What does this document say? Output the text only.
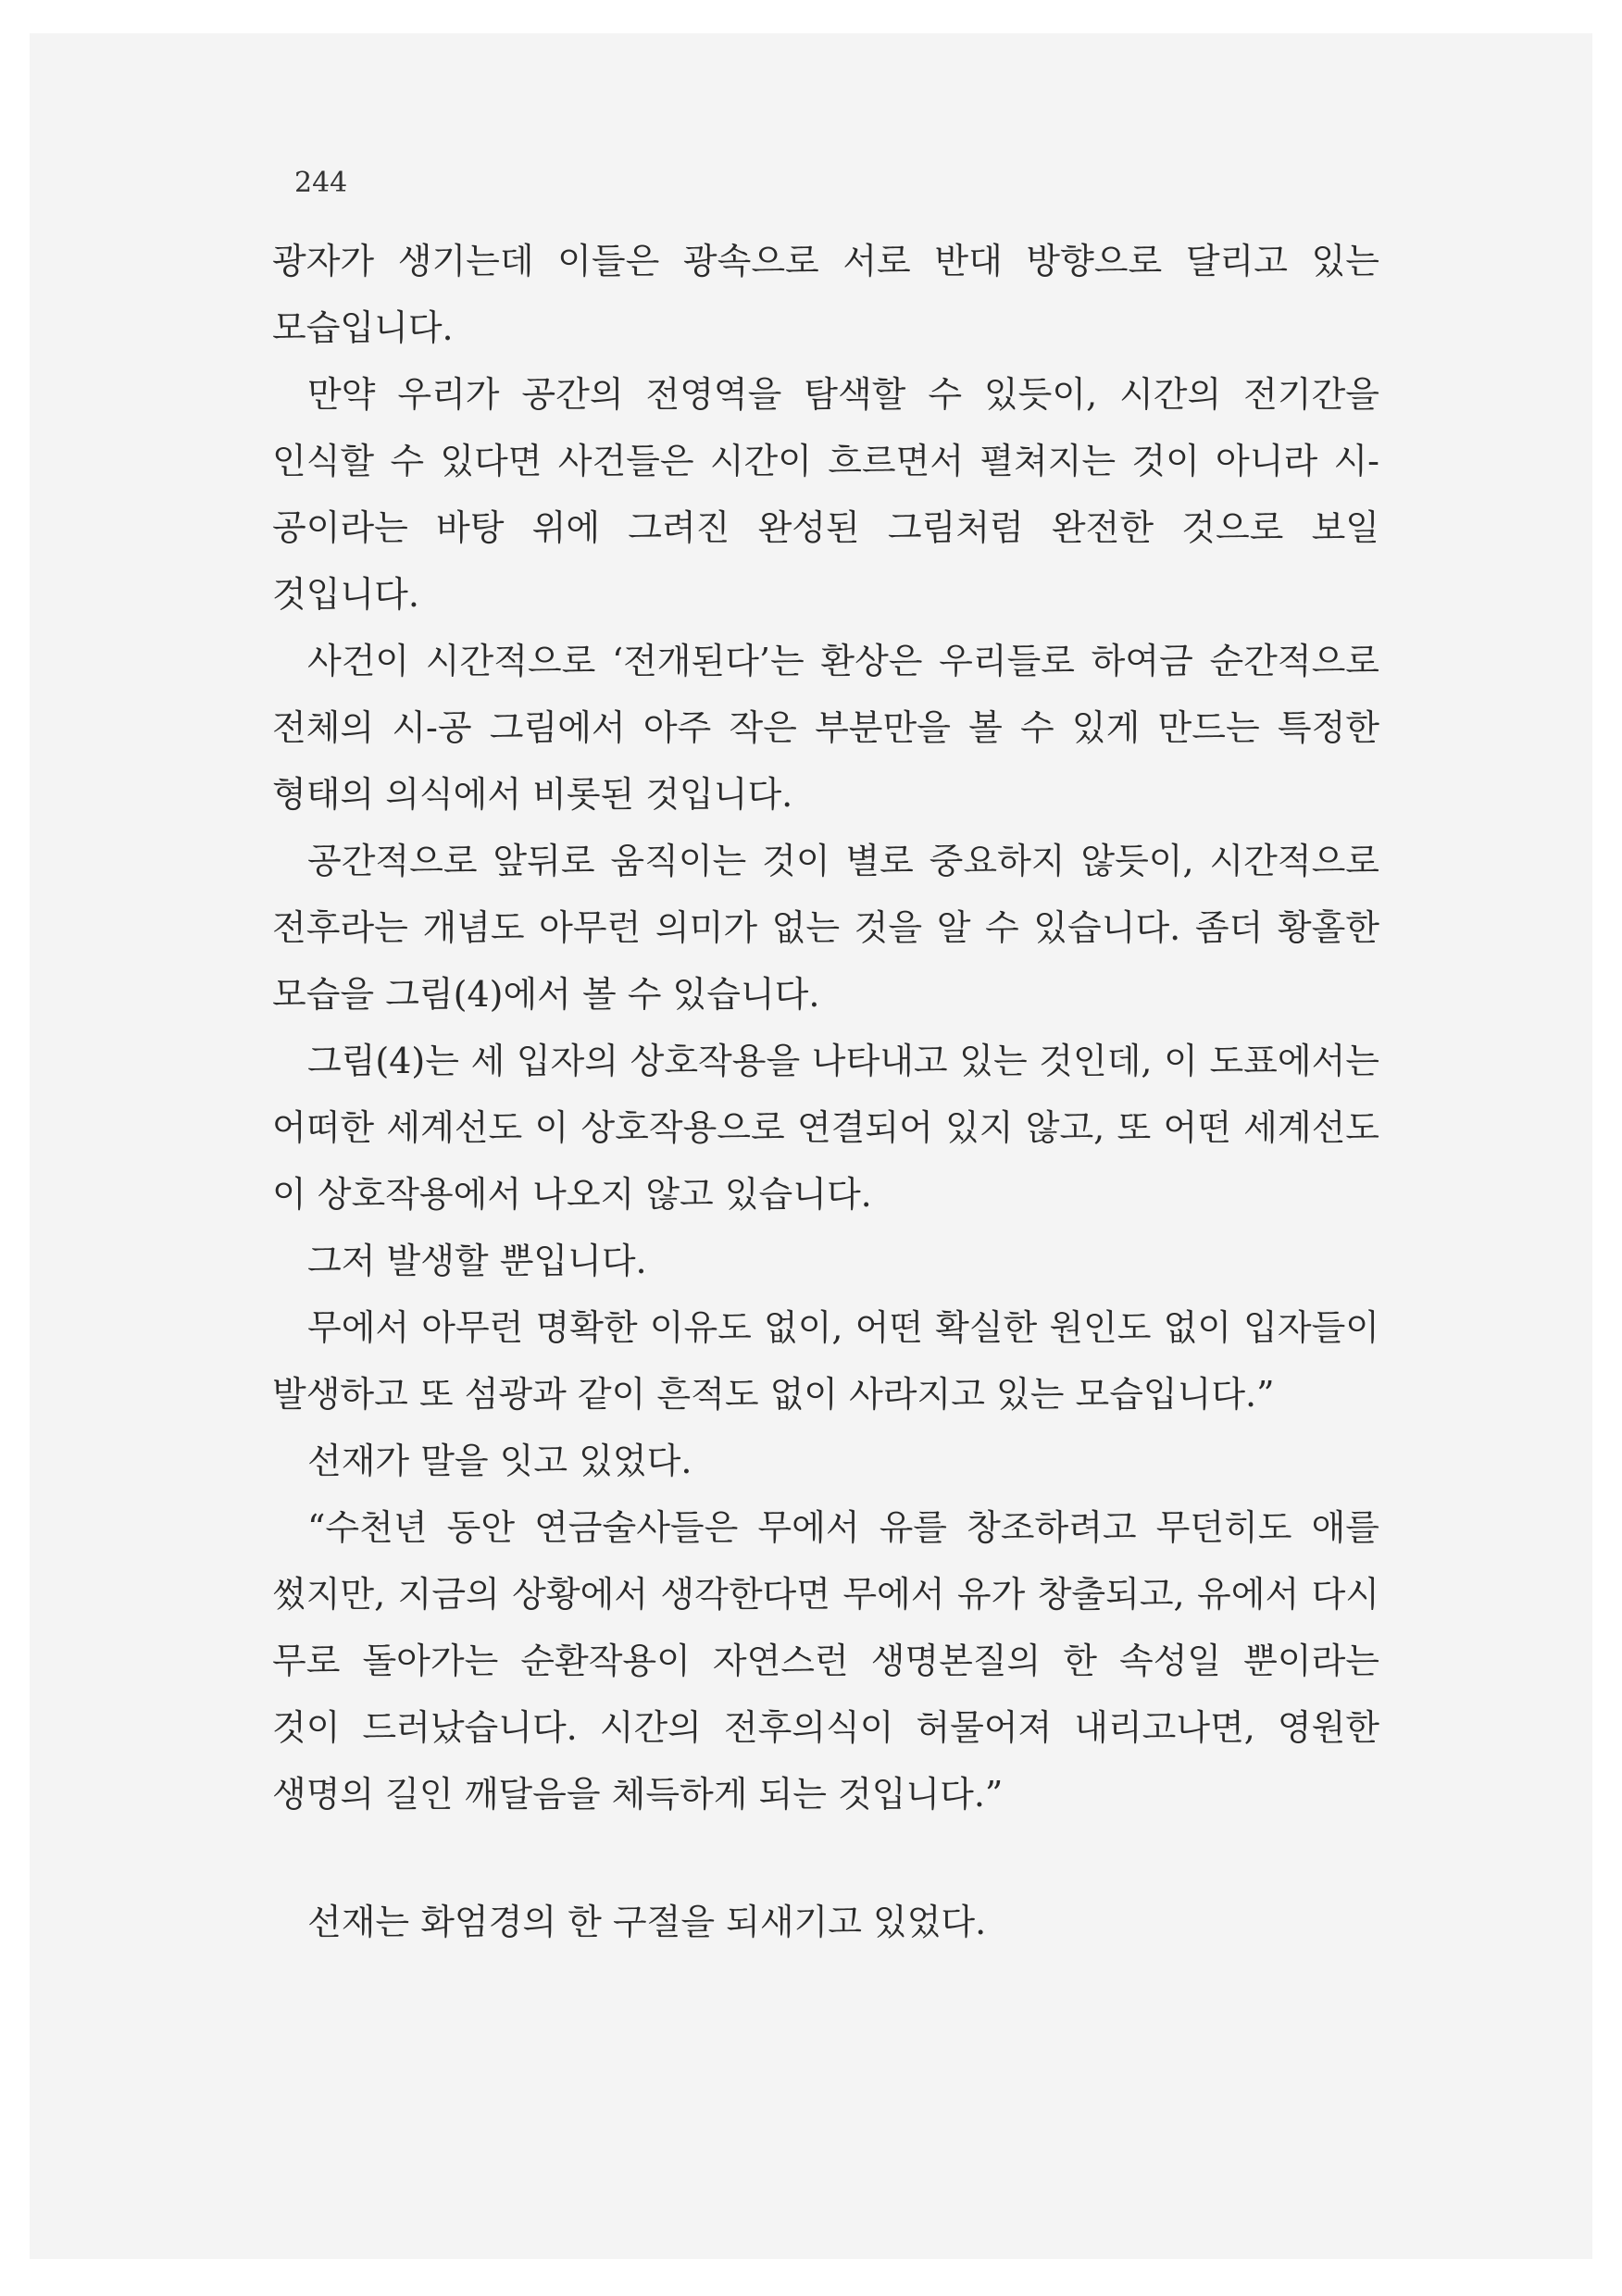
244

광자가 생기는데 이들은 광속으로 서로 반대 방향으로 달리고 있는 모습입니다.

만약 우리가 공간의 전영역을 탐색할 수 있듯이, 시간의 전기간을 인식할 수 있다면 사건들은 시간이 흐르면서 펼쳐지는 것이 아니라 시-공이라는 바탕 위에 그려진 완성된 그림처럼 완전한 것으로 보일 것입니다.

사건이 시간적으로 ‘전개된다’는 환상은 우리들로 하여금 순간적으로 전체의 시-공 그림에서 아주 작은 부분만을 볼 수 있게 만드는 특정한 형태의 의식에서 비롯된 것입니다.

공간적으로 앞뒤로 움직이는 것이 별로 중요하지 않듯이, 시간적으로 전후라는 개념도 아무런 의미가 없는 것을 알 수 있습니다. 좀더 황홀한 모습을 그림(4)에서 볼 수 있습니다.

그림(4)는 세 입자의 상호작용을 나타내고 있는 것인데, 이 도표에서는 어떠한 세계선도 이 상호작용으로 연결되어 있지 않고, 또 어떤 세계선도 이 상호작용에서 나오지 않고 있습니다.

그저 발생할 뿐입니다.

무에서 아무런 명확한 이유도 없이, 어떤 확실한 원인도 없이 입자들이 발생하고 또 섬광과 같이 흔적도 없이 사라지고 있는 모습입니다.”

선재가 말을 잇고 있었다.

“수천년 동안 연금술사들은 무에서 유를 창조하려고 무던히도 애를 썼지만, 지금의 상황에서 생각한다면 무에서 유가 창출되고, 유에서 다시 무로 돌아가는 순환작용이 자연스런 생명본질의 한 속성일 뿐이라는 것이 드러났습니다. 시간의 전후의식이 허물어져 내리고나면, 영원한 생명의 길인 깨달음을 체득하게 되는 것입니다.”

선재는 화엄경의 한 구절을 되새기고 있었다.
